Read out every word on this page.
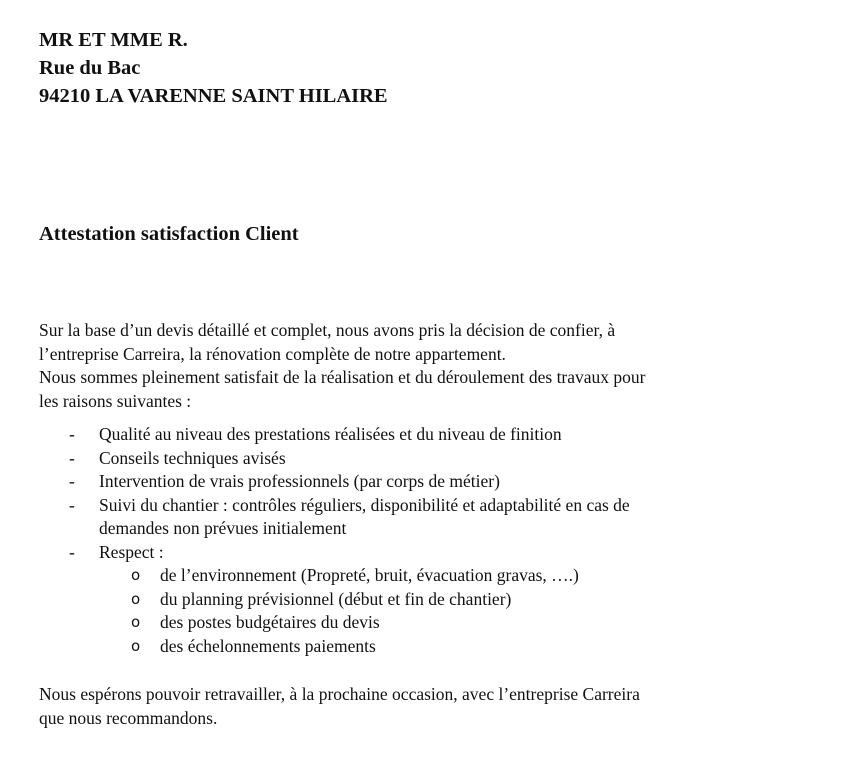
MR ET MME R.
Rue du Bac
94210 LA VARENNE SAINT HILAIRE
Attestation satisfaction Client

Sur la base d’un devis détaillé et complet, nous avons pris la décision de confier, à
l’entreprise Carreira, la rénovation complète de notre appartement.
Nous sommes pleinement satisfait de la réalisation et du déroulement des travaux pour
les raisons suivantes :

- Qualité au niveau des prestations réalisées et du niveau de finition
- Conseils techniques avisés
- Intervention de vrais professionnels (par corps de métier)
- Suivi du chantier : contrôles réguliers, disponibilité et adaptabilité en cas de
demandes non prévues initialement
- Respect :
o de l’environnement (Propreté, bruit, évacuation gravas, ….)
o du planning prévisionnel (début et fin de chantier)
o des postes budgétaires du devis
o des échelonnements paiements

Nous espérons pouvoir retravailler, à la prochaine occasion, avec l’entreprise Carreira
que nous recommandons.
